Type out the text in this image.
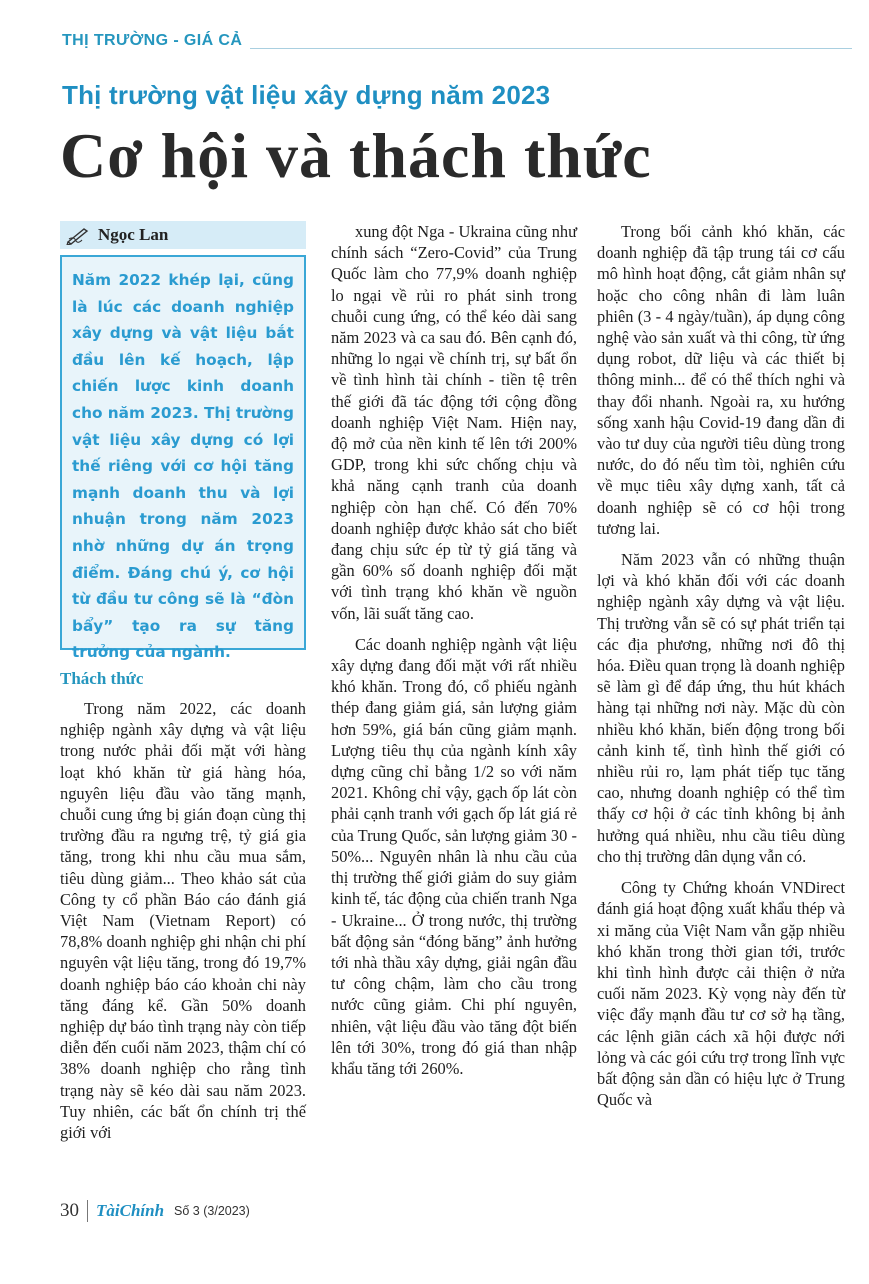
THỊ TRƯỜNG - GIÁ CẢ
Thị trường vật liệu xây dựng năm 2023
Cơ hội và thách thức
Ngọc Lan

Năm 2022 khép lại, cũng là lúc các doanh nghiệp xây dựng và vật liệu bắt đầu lên kế hoạch, lập chiến lược kinh doanh cho năm 2023. Thị trường vật liệu xây dựng có lợi thế riêng với cơ hội tăng mạnh doanh thu và lợi nhuận trong năm 2023 nhờ những dự án trọng điểm. Đáng chú ý, cơ hội từ đầu tư công sẽ là “đòn bẩy” tạo ra sự tăng trưởng của ngành.

Thách thức

Trong năm 2022, các doanh nghiệp ngành xây dựng và vật liệu trong nước phải đối mặt với hàng loạt khó khăn từ giá hàng hóa, nguyên liệu đầu vào tăng mạnh, chuỗi cung ứng bị gián đoạn cùng thị trường đầu ra ngưng trệ, tỷ giá gia tăng, trong khi nhu cầu mua sắm, tiêu dùng giảm... Theo khảo sát của Công ty cổ phần Báo cáo đánh giá Việt Nam (Vietnam Report) có 78,8% doanh nghiệp ghi nhận chi phí nguyên vật liệu tăng, trong đó 19,7% doanh nghiệp báo cáo khoản chi này tăng đáng kể. Gần 50% doanh nghiệp dự báo tình trạng này còn tiếp diễn đến cuối năm 2023, thậm chí có 38% doanh nghiệp cho rằng tình trạng này sẽ kéo dài sau năm 2023. Tuy nhiên, các bất ổn chính trị thế giới với

xung đột Nga - Ukraina cũng như chính sách “Zero-Covid” của Trung Quốc làm cho 77,9% doanh nghiệp lo ngại về rủi ro phát sinh trong chuỗi cung ứng, có thể kéo dài sang năm 2023 và ca sau đó. Bên cạnh đó, những lo ngại về chính trị, sự bất ổn về tình hình tài chính - tiền tệ trên thế giới đã tác động tới cộng đồng doanh nghiệp Việt Nam. Hiện nay, độ mở của nền kinh tế lên tới 200% GDP, trong khi sức chống chịu và khả năng cạnh tranh của doanh nghiệp còn hạn chế. Có đến 70% doanh nghiệp được khảo sát cho biết đang chịu sức ép từ tỷ giá tăng và gần 60% số doanh nghiệp đối mặt với tình trạng khó khăn về nguồn vốn, lãi suất tăng cao.

Các doanh nghiệp ngành vật liệu xây dựng đang đối mặt với rất nhiều khó khăn. Trong đó, cổ phiếu ngành thép đang giảm giá, sản lượng giảm hơn 59%, giá bán cũng giảm mạnh. Lượng tiêu thụ của ngành kính xây dựng cũng chỉ bằng 1/2 so với năm 2021. Không chỉ vậy, gạch ốp lát còn phải cạnh tranh với gạch ốp lát giá rẻ của Trung Quốc, sản lượng giảm 30 - 50%... Nguyên nhân là nhu cầu của thị trường thế giới giảm do suy giảm kinh tế, tác động của chiến tranh Nga - Ukraine... Ở trong nước, thị trường bất động sản “đóng băng” ảnh hưởng tới nhà thầu xây dựng, giải ngân đầu tư công chậm, làm cho cầu trong nước cũng giảm. Chi phí nguyên, nhiên, vật liệu đầu vào tăng đột biến lên tới 30%, trong đó giá than nhập khẩu tăng tới 260%.

Trong bối cảnh khó khăn, các doanh nghiệp đã tập trung tái cơ cấu mô hình hoạt động, cắt giảm nhân sự hoặc cho công nhân đi làm luân phiên (3 - 4 ngày/tuần), áp dụng công nghệ vào sản xuất và thi công, từ ứng dụng robot, dữ liệu và các thiết bị thông minh... để có thể thích nghi và thay đổi nhanh. Ngoài ra, xu hướng sống xanh hậu Covid-19 đang dần đi vào tư duy của người tiêu dùng trong nước, do đó nếu tìm tòi, nghiên cứu về mục tiêu xây dựng xanh, tất cả doanh nghiệp sẽ có cơ hội trong tương lai.

Năm 2023 vẫn có những thuận lợi và khó khăn đối với các doanh nghiệp ngành xây dựng và vật liệu. Thị trường vẫn sẽ có sự phát triển tại các địa phương, những nơi đô thị hóa. Điều quan trọng là doanh nghiệp sẽ làm gì để đáp ứng, thu hút khách hàng tại những nơi này. Mặc dù còn nhiều khó khăn, biến động trong bối cảnh kinh tế, tình hình thế giới có nhiều rủi ro, lạm phát tiếp tục tăng cao, nhưng doanh nghiệp có thể tìm thấy cơ hội ở các tỉnh không bị ảnh hưởng quá nhiều, nhu cầu tiêu dùng cho thị trường dân dụng vẫn có.

Công ty Chứng khoán VNDirect đánh giá hoạt động xuất khẩu thép và xi măng của Việt Nam vẫn gặp nhiều khó khăn trong thời gian tới, trước khi tình hình được cải thiện ở nửa cuối năm 2023. Kỳ vọng này đến từ việc đẩy mạnh đầu tư cơ sở hạ tầng, các lệnh giãn cách xã hội được nới lỏng và các gói cứu trợ trong lĩnh vực bất động sản dần có hiệu lực ở Trung Quốc và

30 TàiChính Số 3 (3/2023)
